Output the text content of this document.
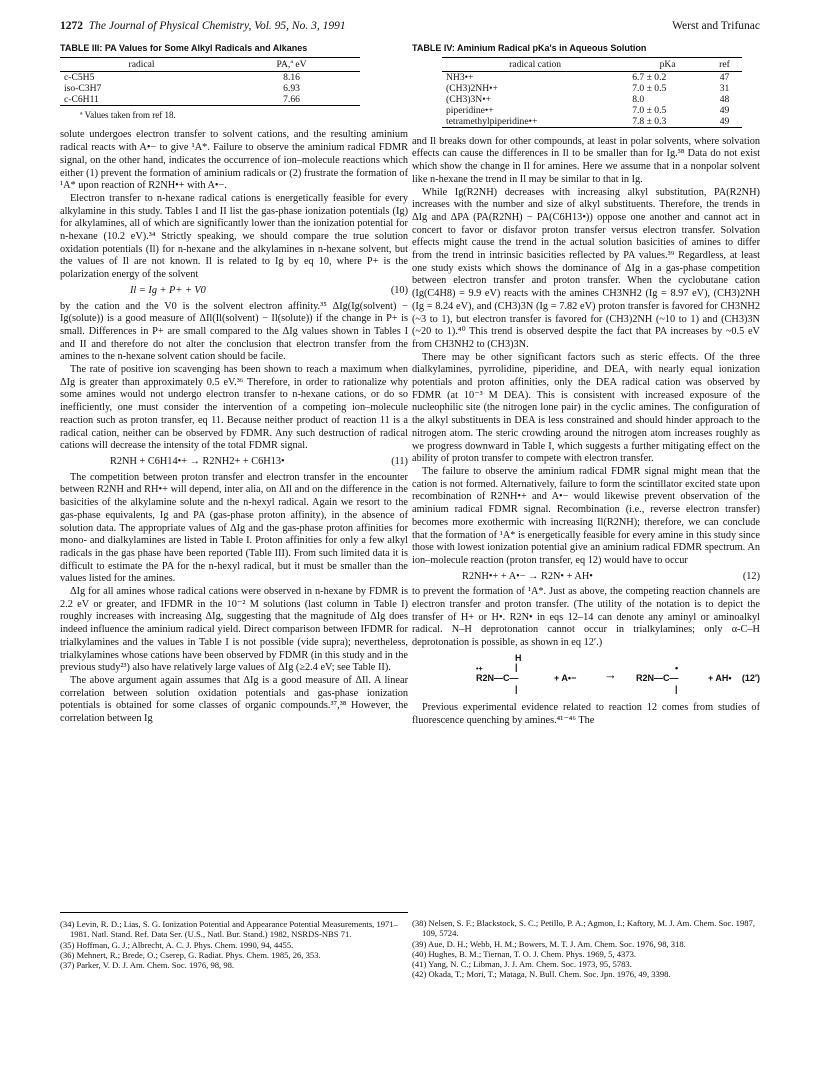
1272 The Journal of Physical Chemistry, Vol. 95, No. 3, 1991	Werst and Trifunac
TABLE III: PA Values for Some Alkyl Radicals and Alkanes
radical	PA,ª eV
c-C5H5	8.16
iso-C3H7	6.93
c-C6H11	7.66
ª Values taken from ref 18.

solute undergoes electron transfer to solvent cations, and the resulting aminium radical reacts with A•− to give ¹A*. Failure to observe the aminium radical FDMR signal, on the other hand, indicates the occurrence of ion–molecule reactions which either (1) prevent the formation of aminium radicals or (2) frustrate the formation of ¹A* upon reaction of R2NH•+ with A•−.

Electron transfer to n-hexane radical cations is energetically feasible for every alkylamine in this study. Tables I and II list the gas-phase ionization potentials (Ig) for alkylamines, all of which are significantly lower than the ionization potential for n-hexane (10.2 eV).³⁴ Strictly speaking, we should compare the true solution oxidation potentials (Il) for n-hexane and the alkylamines in n-hexane solvent, but the values of Il are not known. Il is related to Ig by eq 10, where P+ is the polarization energy of the solvent

Il = Ig + P+ + V0	(10)

by the cation and the V0 is the solvent electron affinity.³⁵ ΔIg(Ig(solvent) − Ig(solute)) is a good measure of ΔIl(Il(solvent) − Il(solute)) if the change in P+ is small. Differences in P+ are small compared to the ΔIg values shown in Tables I and II and therefore do not alter the conclusion that electron transfer from the amines to the n-hexane solvent cation should be facile.

The rate of positive ion scavenging has been shown to reach a maximum when ΔIg is greater than approximately 0.5 eV.³⁶ Therefore, in order to rationalize why some amines would not undergo electron transfer to n-hexane cations, or do so inefficiently, one must consider the intervention of a competing ion–molecule reaction such as proton transfer, eq 11. Because neither product of reaction 11 is a radical cation, neither can be observed by FDMR. Any such destruction of radical cations will decrease the intensity of the total FDMR signal.

R2NH + C6H14•+ → R2NH2+ + C6H13•	(11)

The competition between proton transfer and electron transfer in the encounter between R2NH and RH•+ will depend, inter alia, on ΔIl and on the difference in the basicities of the alkylamine solute and the n-hexyl radical. Again we resort to the gas-phase equivalents, Ig and PA (gas-phase proton affinity), in the absence of solution data. The appropriate values of ΔIg and the gas-phase proton affinities for mono- and dialkylamines are listed in Table I. Proton affinities for only a few alkyl radicals in the gas phase have been reported (Table III). From such limited data it is difficult to estimate the PA for the n-hexyl radical, but it must be smaller than the values listed for the amines.

ΔIg for all amines whose radical cations were observed in n-hexane by FDMR is 2.2 eV or greater, and IFDMR in the 10⁻² M solutions (last column in Table I) roughly increases with increasing ΔIg, suggesting that the magnitude of ΔIg does indeed influence the aminium radical yield. Direct comparison between IFDMR for trialkylamines and the values in Table I is not possible (vide supra); nevertheless, trialkylamines whose cations have been observed by FDMR (in this study and in the previous study²³) also have relatively large values of ΔIg (≥2.4 eV; see Table II).

The above argument again assumes that ΔIg is a good measure of ΔIl. A linear correlation between solution oxidation potentials and gas-phase ionization potentials is obtained for some classes of organic compounds.³⁷,³⁸ However, the correlation between Ig

TABLE IV: Aminium Radical pKa's in Aqueous Solution
radical cation	pKa	ref
NH3•+	6.7 ± 0.2	47
(CH3)2NH•+	7.0 ± 0.5	31
(CH3)3N•+	8.0	48
piperidine•+	7.0 ± 0.5	49
tetramethylpiperidine•+	7.8 ± 0.3	49

and Il breaks down for other compounds, at least in polar solvents, where solvation effects can cause the differences in Il to be smaller than for Ig.³⁸ Data do not exist which show the change in Il for amines. Here we assume that in a nonpolar solvent like n-hexane the trend in Il may be similar to that in Ig.

While Ig(R2NH) decreases with increasing alkyl substitution, PA(R2NH) increases with the number and size of alkyl substituents. Therefore, the trends in ΔIg and ΔPA (PA(R2NH) − PA(C6H13•)) oppose one another and cannot act in concert to favor or disfavor proton transfer versus electron transfer. Solvation effects might cause the trend in the actual solution basicities of amines to differ from the trend in intrinsic basicities reflected by PA values.³⁹ Regardless, at least one study exists which shows the dominance of ΔIg in a gas-phase competition between electron transfer and proton transfer. When the cyclobutane cation (Ig(C4H8) = 9.9 eV) reacts with the amines CH3NH2 (Ig = 8.97 eV), (CH3)2NH (Ig = 8.24 eV), and (CH3)3N (Ig = 7.82 eV) proton transfer is favored for CH3NH2 (~3 to 1), but electron transfer is favored for (CH3)2NH (~10 to 1) and (CH3)3N (~20 to 1).⁴⁰ This trend is observed despite the fact that PA increases by ~0.5 eV from CH3NH2 to (CH3)3N.

There may be other significant factors such as steric effects. Of the three dialkylamines, pyrrolidine, piperidine, and DEA, with nearly equal ionization potentials and proton affinities, only the DEA radical cation was observed by FDMR (at 10⁻³ M DEA). This is consistent with increased exposure of the nucleophilic site (the nitrogen lone pair) in the cyclic amines. The configuration of the alkyl substituents in DEA is less constrained and should hinder approach to the nitrogen atom. The steric crowding around the nitrogen atom increases roughly as we progress downward in Table I, which suggests a further mitigating effect on the ability of proton transfer to compete with electron transfer.

The failure to observe the aminium radical FDMR signal might mean that the cation is not formed. Alternatively, failure to form the scintillator excited state upon recombination of R2NH•+ and A•− would likewise prevent observation of the aminium radical FDMR signal. Recombination (i.e., reverse electron transfer) becomes more exothermic with increasing Il(R2NH); therefore, we can conclude that the formation of ¹A* is energetically feasible for every amine in this study since those with lowest ionization potential give an aminium radical FDMR spectrum. An ion–molecule reaction (proton transfer, eq 12) would have to occur

R2NH•+ + A•− → R2N• + AH•	(12)

to prevent the formation of ¹A*. Just as above, the competing reaction channels are electron transfer and proton transfer. (The utility of the notation is to depict the transfer of H+ or H•. R2N• in eqs 12–14 can denote any aminyl or aminoalkyl radical. N–H deprotonation cannot occur in trialkylamines; only α-C–H deprotonation is possible, as shown in eq 12′.)

H
|
•+
R2N—C—
|
+ A•− → R2N—C—
•
|
+ AH• (12′)

Previous experimental evidence related to reaction 12 comes from studies of fluorescence quenching by amines.⁴¹⁻⁴⁶ The

(34) Levin, R. D.; Lias, S. G. Ionization Potential and Appearance Potential Measurements, 1971–1981. Natl. Stand. Ref. Data Ser. (U.S., Natl. Bur. Stand.) 1982, NSRDS-NBS 71.
(35) Hoffman, G. J.; Albrecht, A. C. J. Phys. Chem. 1990, 94, 4455.
(36) Mehnert, R.; Brede, O.; Cserep, G. Radiat. Phys. Chem. 1985, 26, 353.
(37) Parker, V. D. J. Am. Chem. Soc. 1976, 98, 98.
(38) Nelsen, S. F.; Blackstock, S. C.; Petillo, P. A.; Agmon, I.; Kaftory, M. J. Am. Chem. Soc. 1987, 109, 5724.
(39) Aue, D. H.; Webb, H. M.; Bowers, M. T. J. Am. Chem. Soc. 1976, 98, 318.
(40) Hughes, B. M.; Tiernan, T. O. J. Chem. Phys. 1969, 5, 4373.
(41) Yang, N. C.; Libman, J. J. Am. Chem. Soc. 1973, 95, 5783.
(42) Okada, T.; Mori, T.; Mataga, N. Bull. Chem. Soc. Jpn. 1976, 49, 3398.
